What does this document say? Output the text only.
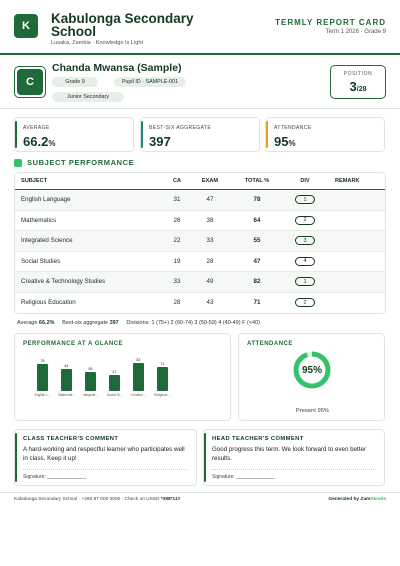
K	Kabulonga Secondary School
Lusaka, Zambia · Knowledge Is Light
TERMLY REPORT CARD
Term 1 2026 · Grade 9
C
Chanda Mwansa (Sample)
Grade 9	Pupil ID · SAMPLE-001
Junior Secondary
POSITION
3/28
AVERAGE
66.2%
BEST-SIX AGGREGATE
397
ATTENDANCE
95%
SUBJECT PERFORMANCE
SUBJECT	CA	EXAM	TOTAL %	DIV	REMARK
English Language	31	47	78	1
Mathematics	26	38	64	2
Integrated Science	22	33	55	3
Social Studies	19	28	47	4
Creative & Technology Studies	33	49	82	1
Religious Education	28	43	71	2
Average 66.2% Best-six aggregate 397 Divisions: 1 (75+) 2 (60-74) 3 (50-59) 4 (40-49) F (<40)
PERFORMANCE AT A GLANCE
78
English L...
64
Mathemat...
55
Integrate...
47
Social St...
82
Creative ...
71
Religious ...
ATTENDANCE
95%
Present 95%
CLASS TEACHER'S COMMENT
A hard-working and respectful learner who participates well in class. Keep it up!
Signature: ______________
HEAD TEACHER'S COMMENT
Good progress this term. We look forward to even better results.
Signature: ______________
Kabulonga Secondary School · +260 97 000 0000 · Check on USSD *388*11#	Generated by ZamSkools
